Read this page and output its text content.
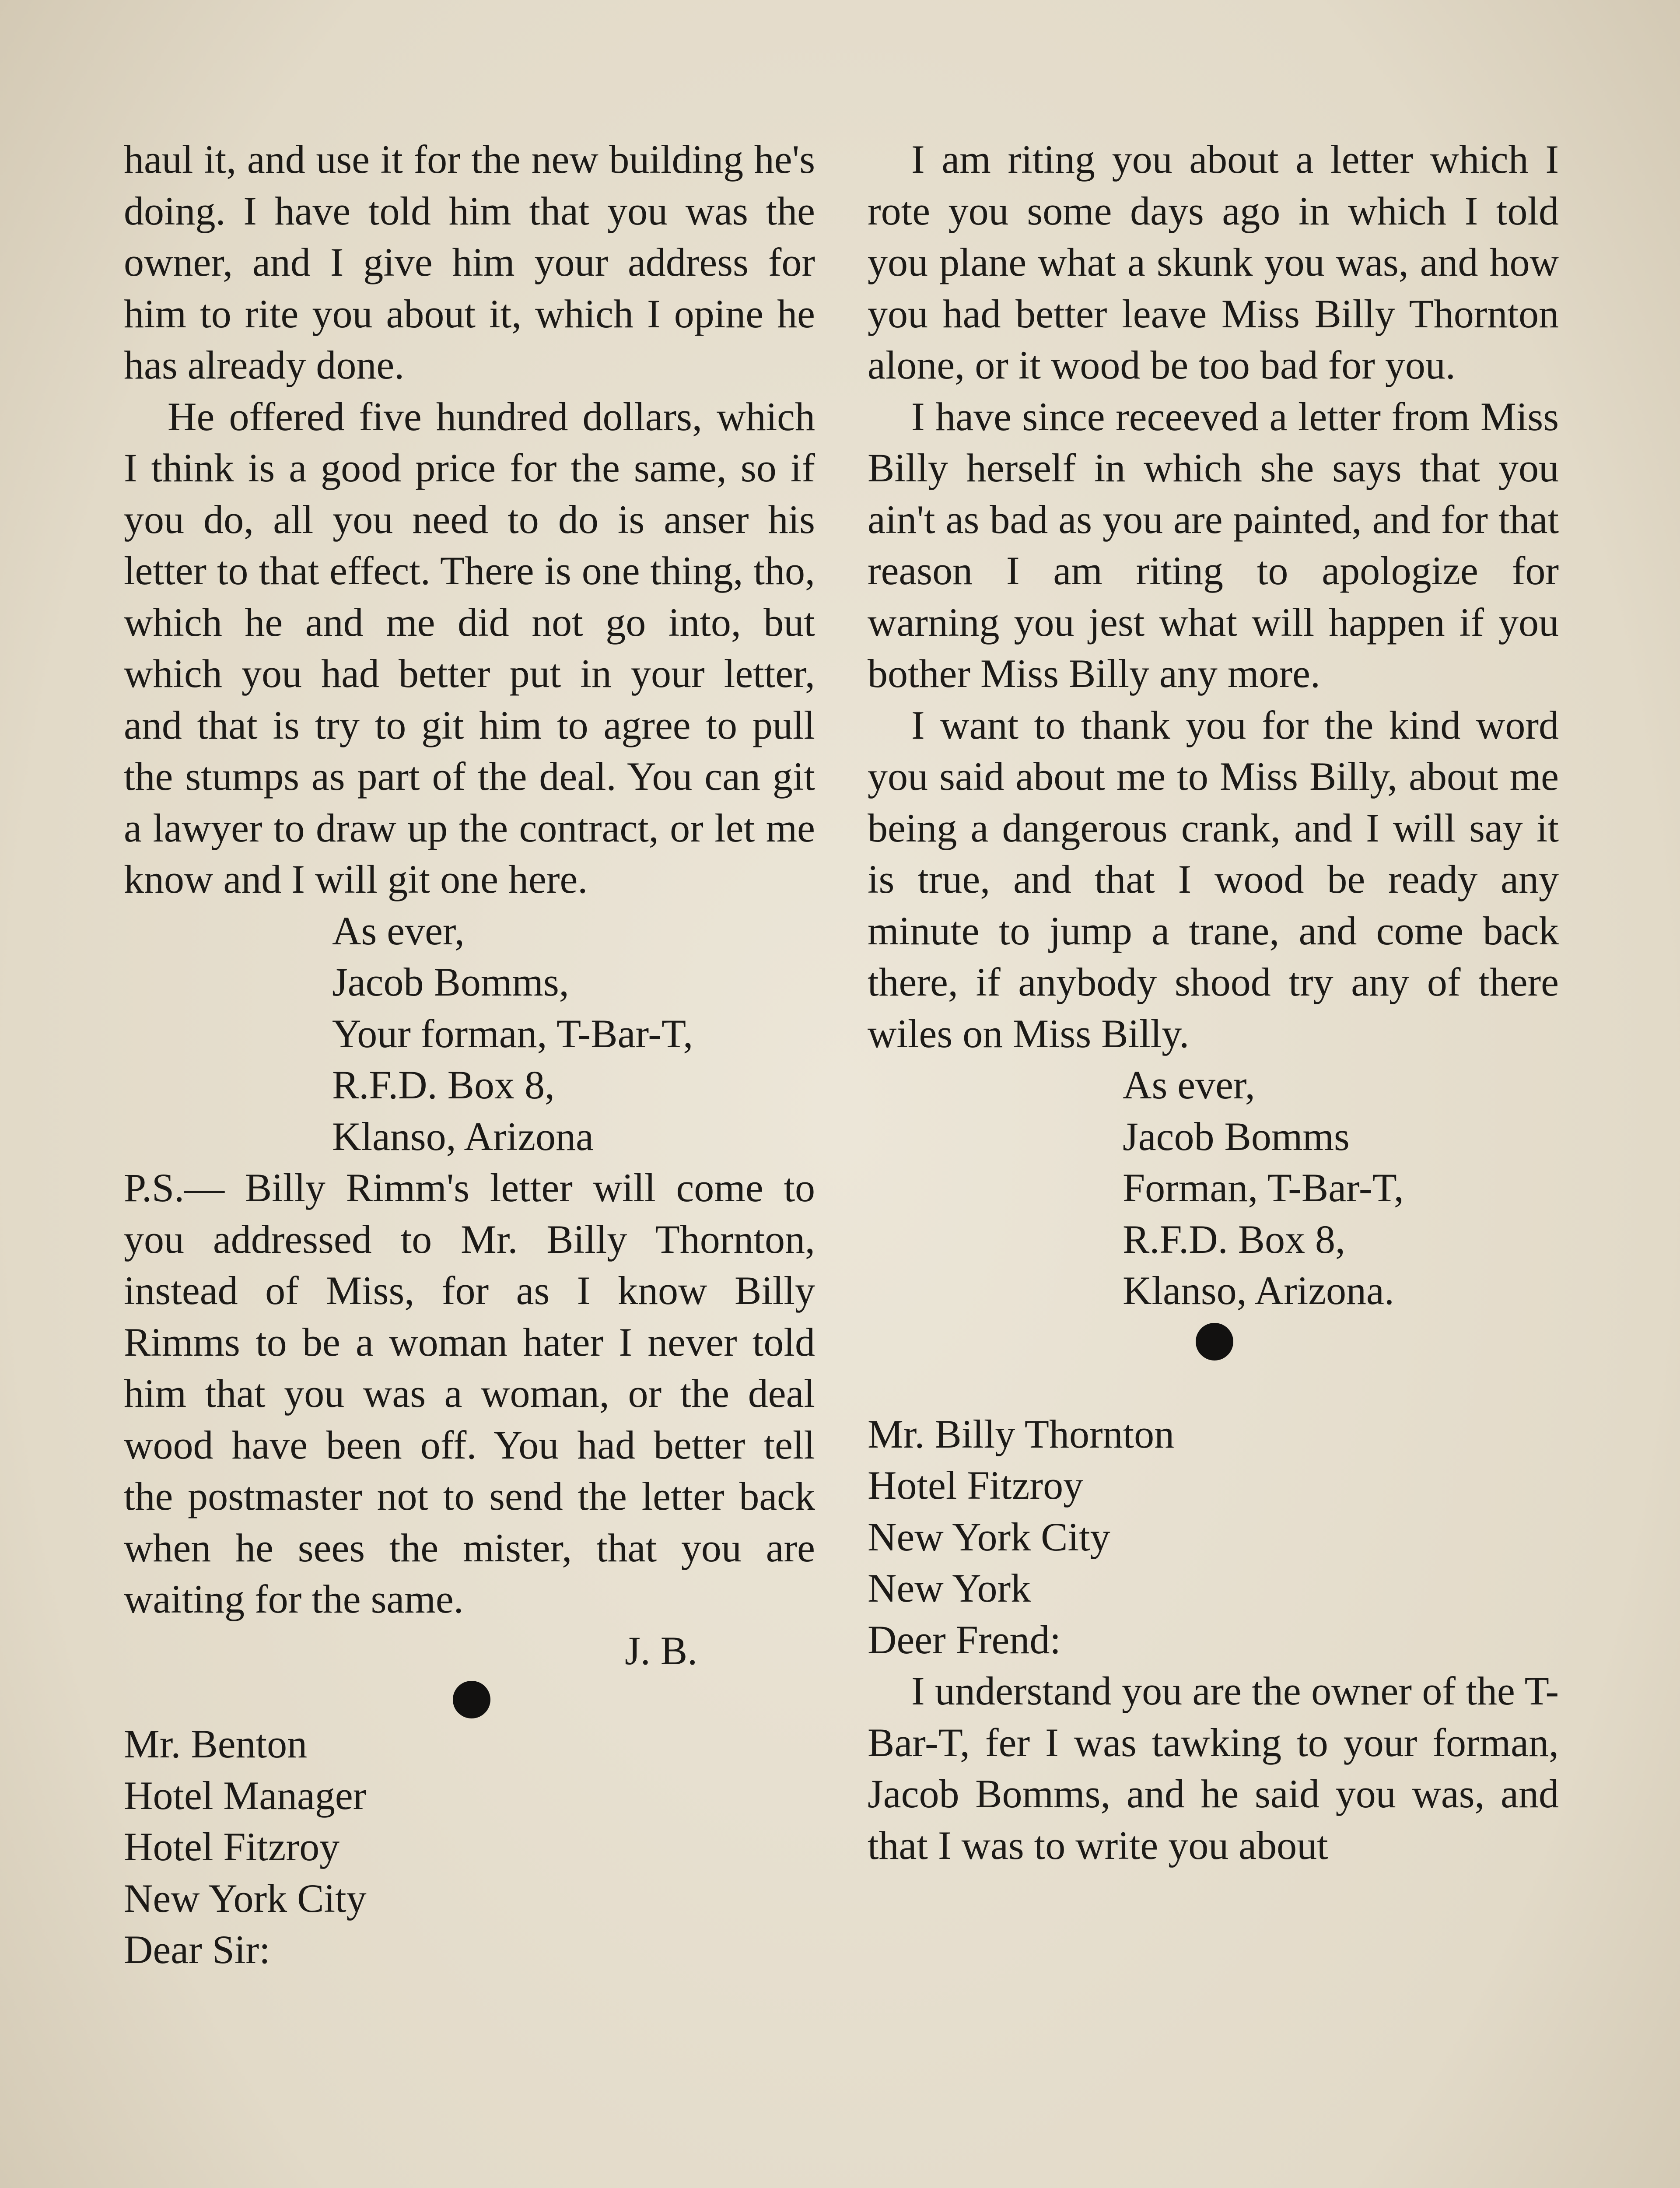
haul it, and use it for the new building he's doing. I have told him that you was the owner, and I give him your address for him to rite you about it, which I opine he has already done.

He offered five hundred dollars, which I think is a good price for the same, so if you do, all you need to do is anser his letter to that effect. There is one thing, tho, which he and me did not go into, but which you had better put in your letter, and that is try to git him to agree to pull the stumps as part of the deal. You can git a lawyer to draw up the contract, or let me know and I will git one here.

As ever,

Jacob Bomms,

Your forman, T-Bar-T,

R.F.D. Box 8,

Klanso, Arizona

P.S.— Billy Rimm's letter will come to you addressed to Mr. Billy Thornton, instead of Miss, for as I know Billy Rimms to be a woman hater I never told him that you was a woman, or the deal wood have been off. You had better tell the postmaster not to send the letter back when he sees the mister, that you are waiting for the same.

J. B.

Mr. Benton

Hotel Manager

Hotel Fitzroy

New York City

Dear Sir:

I am riting you about a letter which I rote you some days ago in which I told you plane what a skunk you was, and how you had better leave Miss Billy Thornton alone, or it wood be too bad for you.

I have since receeved a letter from Miss Billy herself in which she says that you ain't as bad as you are painted, and for that reason I am riting to apologize for warning you jest what will happen if you bother Miss Billy any more.

I want to thank you for the kind word you said about me to Miss Billy, about me being a dangerous crank, and I will say it is true, and that I wood be ready any minute to jump a trane, and come back there, if anybody shood try any of there wiles on Miss Billy.

As ever,

Jacob Bomms

Forman, T-Bar-T,

R.F.D. Box 8,

Klanso, Arizona.

Mr. Billy Thornton

Hotel Fitzroy

New York City

New York

Deer Frend:

I understand you are the owner of the T-Bar-T, fer I was tawking to your forman, Jacob Bomms, and he said you was, and that I was to write you about
